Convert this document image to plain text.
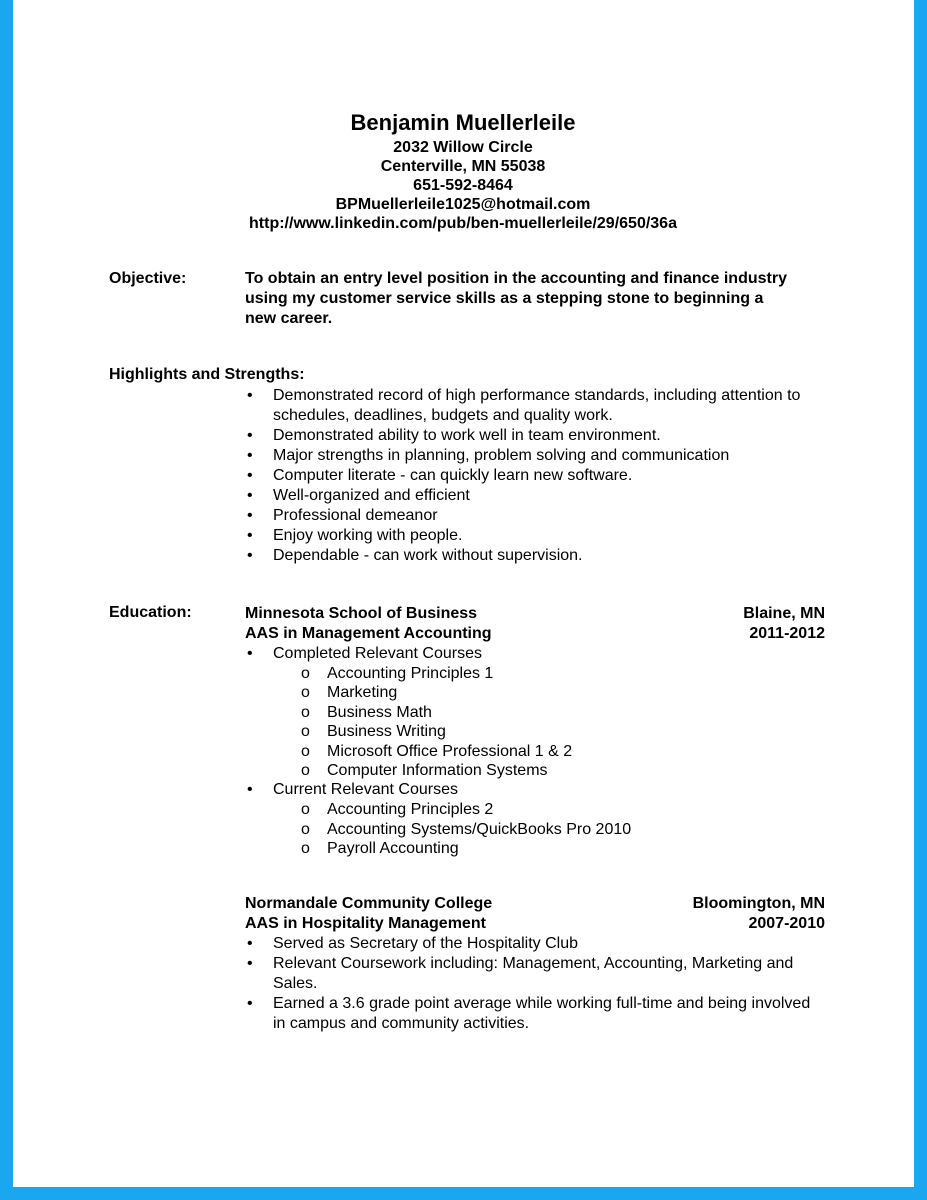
Benjamin Muellerleile
2032 Willow Circle
Centerville, MN 55038
651-592-8464
BPMuellerleile1025@hotmail.com
http://www.linkedin.com/pub/ben-muellerleile/29/650/36a
Objective:	To obtain an entry level position in the accounting and finance industry
using my customer service skills as a stepping stone to beginning a
new career.
Highlights and Strengths:
• Demonstrated record of high performance standards, including attention to schedules, deadlines, budgets and quality work.
• Demonstrated ability to work well in team environment.
• Major strengths in planning, problem solving and communication
• Computer literate - can quickly learn new software.
• Well-organized and efficient
• Professional demeanor
• Enjoy working with people.
• Dependable - can work without supervision.
Education:	Minnesota School of Business	Blaine, MN
AAS in Management Accounting	2011-2012
• Completed Relevant Courses
o Accounting Principles 1
o Marketing
o Business Math
o Business Writing
o Microsoft Office Professional 1 & 2
o Computer Information Systems
• Current Relevant Courses
o Accounting Principles 2
o Accounting Systems/QuickBooks Pro 2010
o Payroll Accounting
Normandale Community College	Bloomington, MN
AAS in Hospitality Management	2007-2010
• Served as Secretary of the Hospitality Club
• Relevant Coursework including: Management, Accounting, Marketing and Sales.
• Earned a 3.6 grade point average while working full-time and being involved in campus and community activities.
